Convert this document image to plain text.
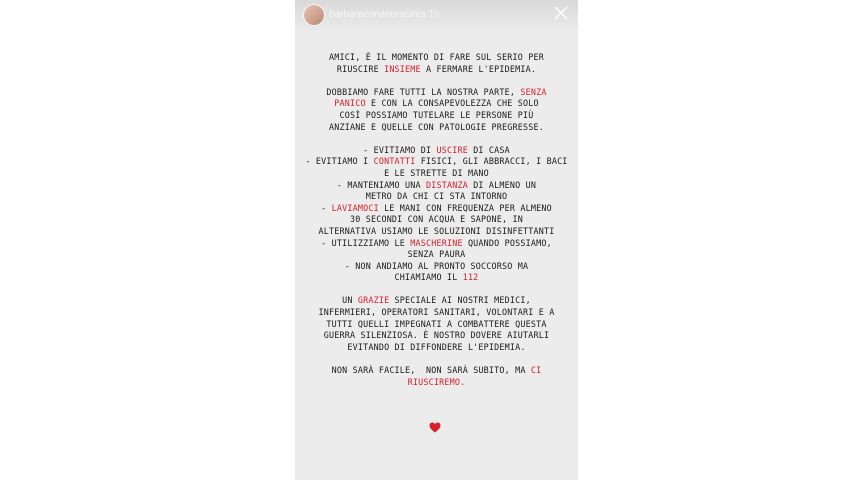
barbaracorvinorasinta 1h
AMICI, È IL MOMENTO DI FARE SUL SERIO PER
RIUSCIRE INSIEME A FERMARE L'EPIDEMIA.
DOBBIAMO FARE TUTTI LA NOSTRA PARTE, SENZA
PANICO E CON LA CONSAPEVOLEZZA CHE SOLO
COSÌ POSSIAMO TUTELARE LE PERSONE PIÙ
ANZIANE E QUELLE CON PATOLOGIE PREGRESSE.
- EVITIAMO DI USCIRE DI CASA
- EVITIAMO I CONTATTI FISICI, GLI ABBRACCI, I BACI
E LE STRETTE DI MANO
- MANTENIAMO UNA DISTANZA DI ALMENO UN
METRO DA CHI CI STA INTORNO
- LAVIAMOCI LE MANI CON FREQUENZA PER ALMENO
30 SECONDI CON ACQUA E SAPONE, IN
ALTERNATIVA USIAMO LE SOLUZIONI DISINFETTANTI
- UTILIZZIAMO LE MASCHERINE QUANDO POSSIAMO,
SENZA PAURA
- NON ANDIAMO AL PRONTO SOCCORSO MA
CHIAMIAMO IL 112
UN GRAZIE SPECIALE AI NOSTRI MEDICI,
INFERMIERI, OPERATORI SANITARI, VOLONTARI E A
TUTTI QUELLI IMPEGNATI A COMBATTERE QUESTA
GUERRA SILENZIOSA. È NOSTRO DOVERE AIUTARLI
EVITANDO DI DIFFONDERE L'EPIDEMIA.
NON SARÀ FACILE,  NON SARÀ SUBITO, MA CI
RIUSCIREMO.
